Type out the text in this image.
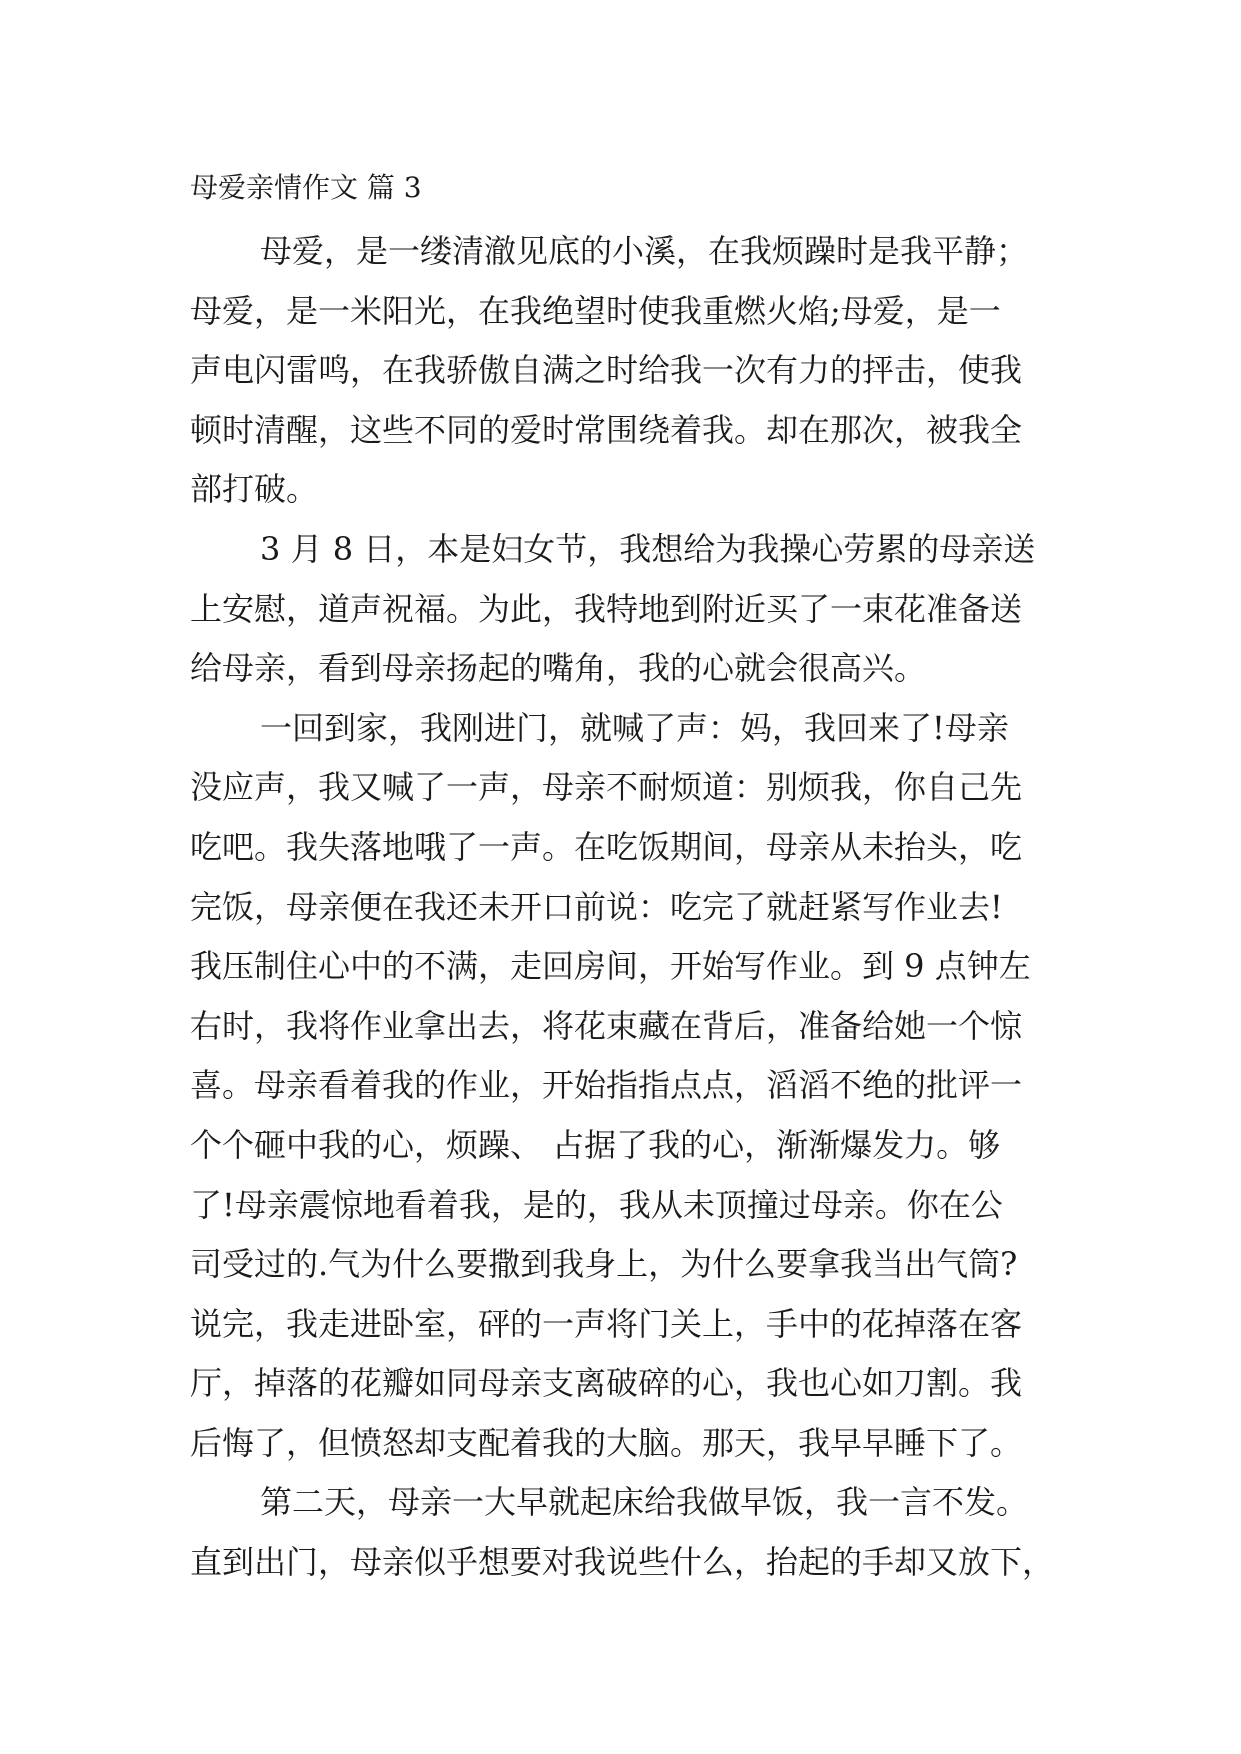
母爱亲情作文 篇 3
母爱，是一缕清澈见底的小溪，在我烦躁时是我平静；
母爱，是一米阳光，在我绝望时使我重燃火焰;母爱，是一
声电闪雷鸣，在我骄傲自满之时给我一次有力的抨击，使我
顿时清醒，这些不同的爱时常围绕着我。却在那次，被我全
部打破。
3 月 8 日，本是妇女节，我想给为我操心劳累的母亲送
上安慰，道声祝福。为此，我特地到附近买了一束花准备送
给母亲，看到母亲扬起的嘴角，我的心就会很高兴。
一回到家，我刚进门，就喊了声：妈，我回来了!母亲
没应声，我又喊了一声，母亲不耐烦道：别烦我，你自己先
吃吧。我失落地哦了一声。在吃饭期间，母亲从未抬头，吃
完饭，母亲便在我还未开口前说：吃完了就赶紧写作业去!
我压制住心中的不满，走回房间，开始写作业。到 9 点钟左
右时，我将作业拿出去，将花束藏在背后，准备给她一个惊
喜。母亲看着我的作业，开始指指点点，滔滔不绝的批评一
个个砸中我的心，烦躁、 占据了我的心，渐渐爆发力。够
了!母亲震惊地看着我，是的，我从未顶撞过母亲。你在公
司受过的.气为什么要撒到我身上，为什么要拿我当出气筒?
说完，我走进卧室，砰的一声将门关上，手中的花掉落在客
厅，掉落的花瓣如同母亲支离破碎的心，我也心如刀割。我
后悔了，但愤怒却支配着我的大脑。那天，我早早睡下了。
第二天，母亲一大早就起床给我做早饭，我一言不发。
直到出门，母亲似乎想要对我说些什么，抬起的手却又放下，
